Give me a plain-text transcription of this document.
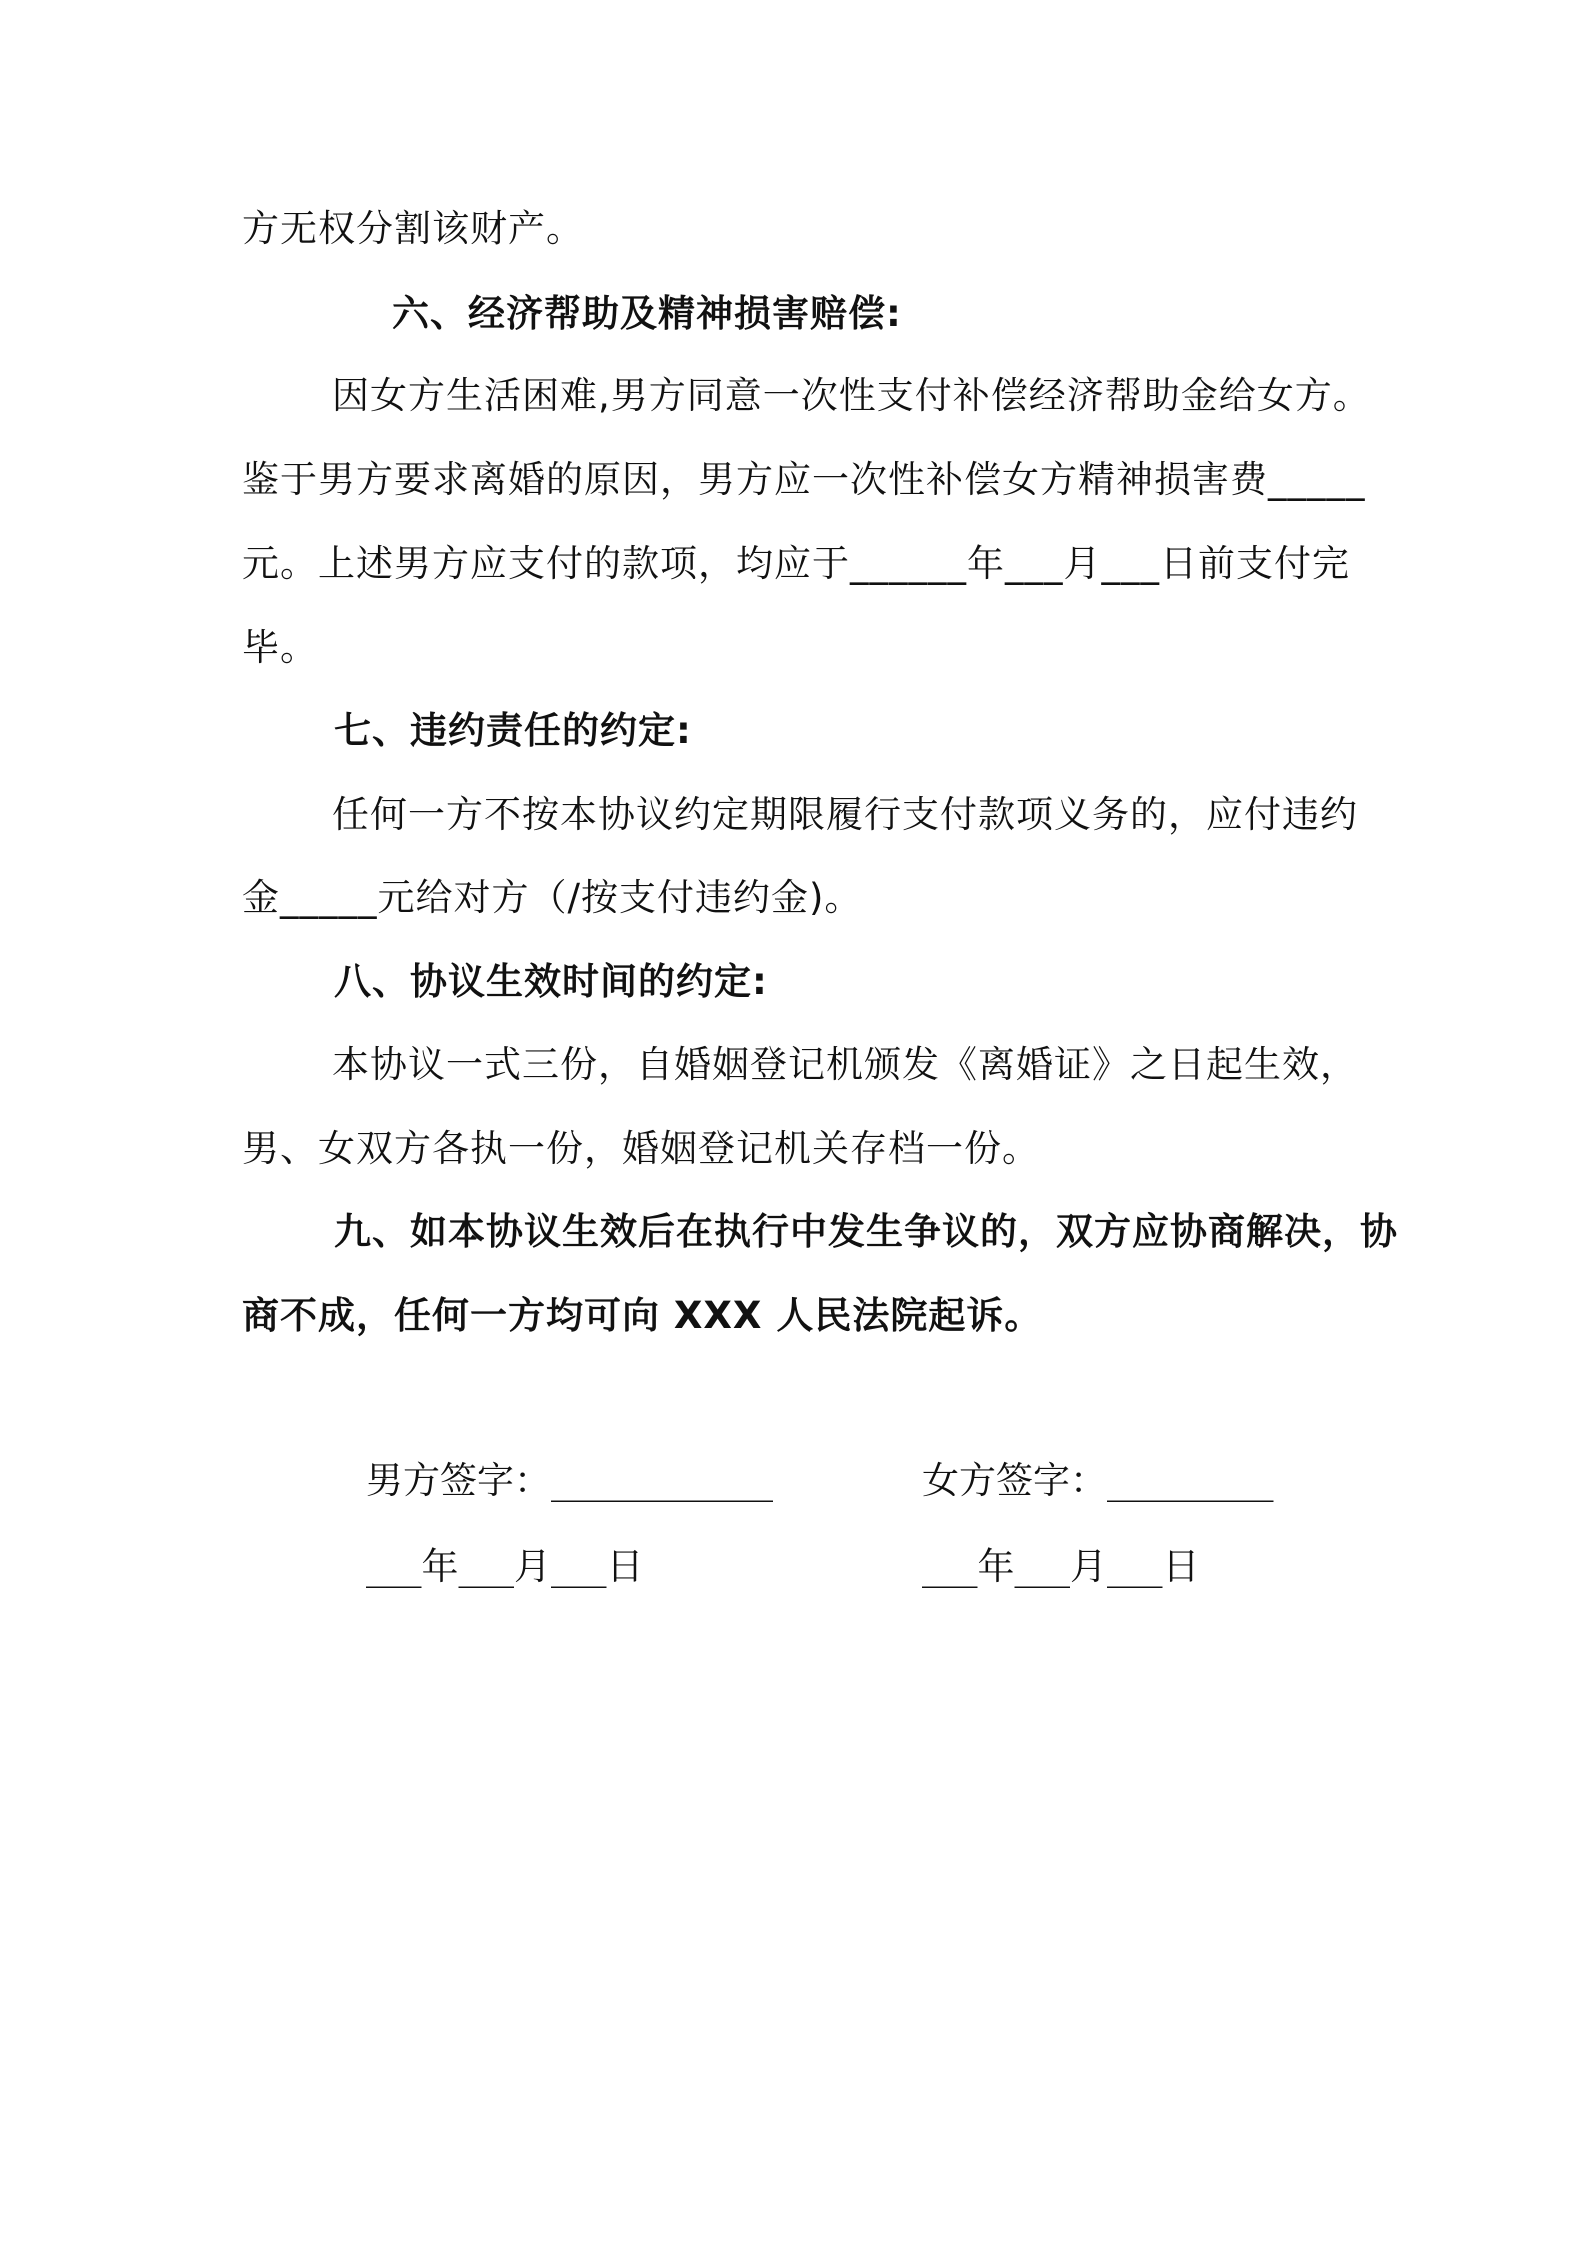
方无权分割该财产。
六、经济帮助及精神损害赔偿:
因女方生活困难,男方同意一次性支付补偿经济帮助金给女方。
鉴于男方要求离婚的原因，男方应一次性补偿女方精神损害费_____
元。上述男方应支付的款项，均应于______年___月___日前支付完
毕。
七、违约责任的约定:
任何一方不按本协议约定期限履行支付款项义务的，应付违约
金_____元给对方（/按支付违约金)。
八、协议生效时间的约定:
本协议一式三份，自婚姻登记机颁发《离婚证》之日起生效，
男、女双方各执一份，婚姻登记机关存档一份。
九、如本协议生效后在执行中发生争议的，双方应协商解决，协
商不成，任何一方均可向 XXX 人民法院起诉。
男方签字：____________	女方签字：_________
___年___月___日	___年___月___日
